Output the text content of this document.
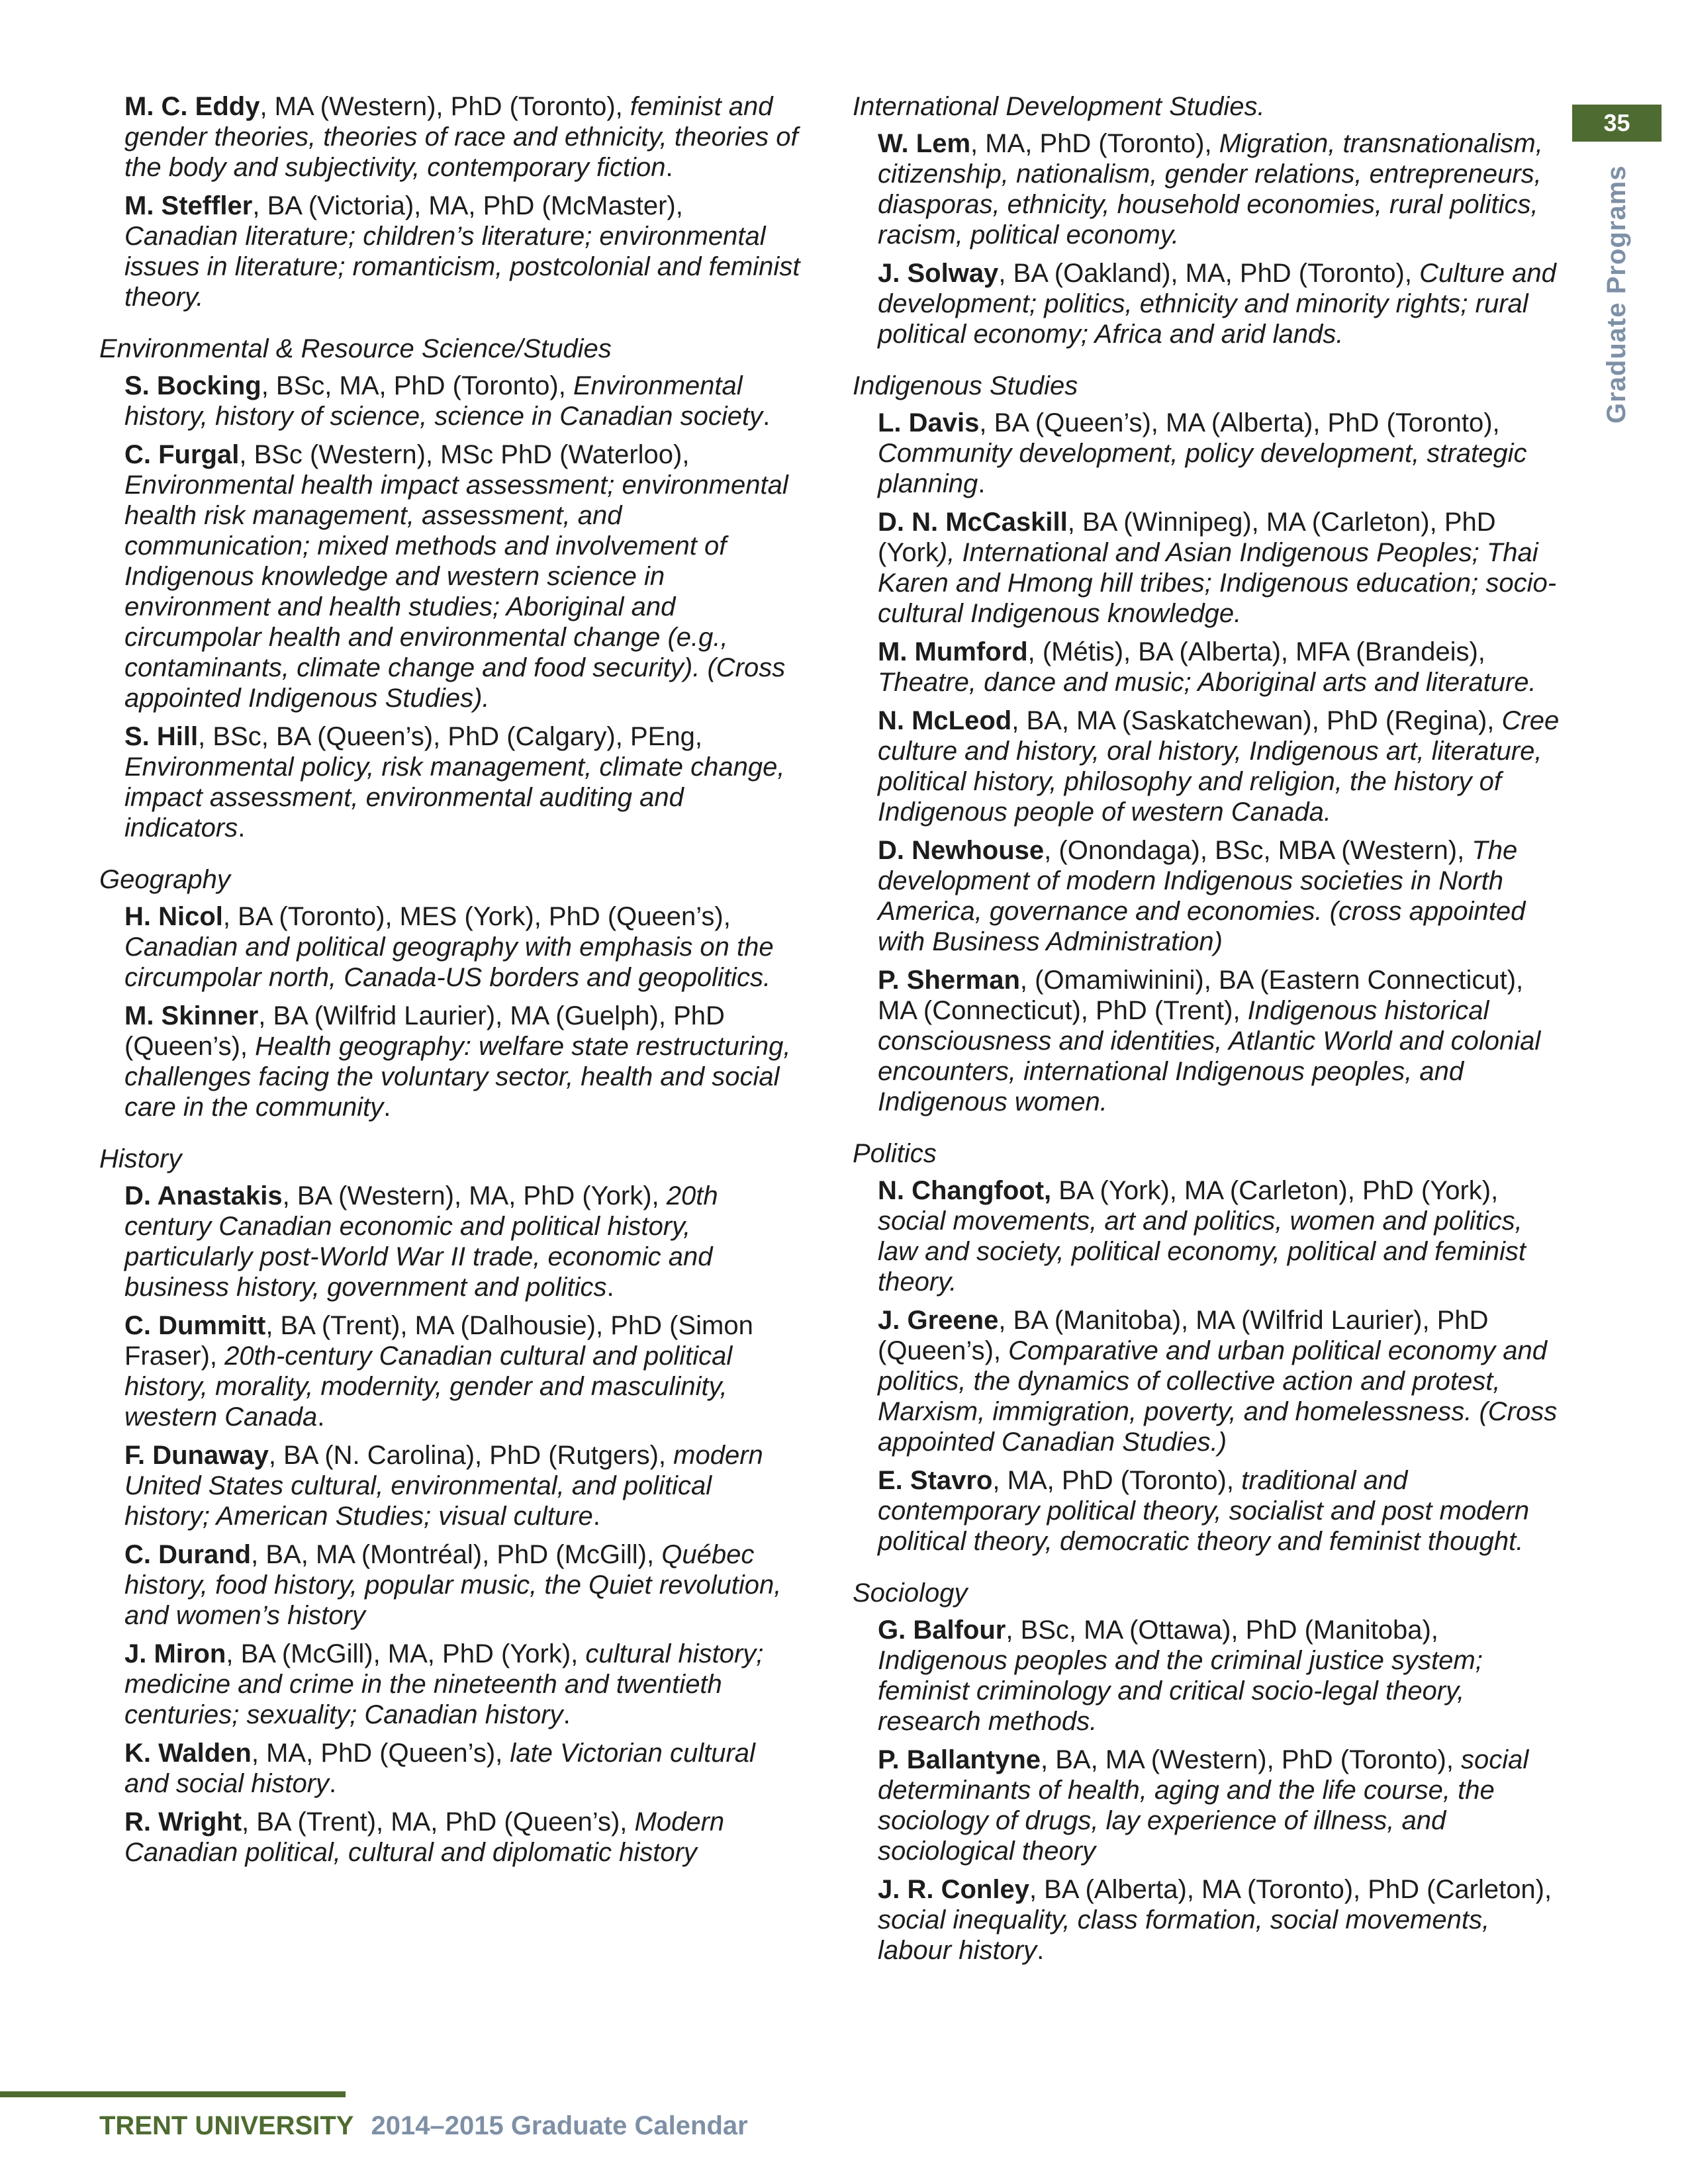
M. C. Eddy, MA (Western), PhD (Toronto), feminist and gender theories, theories of race and ethnicity, theories of the body and subjectivity, contemporary fiction.

M. Steffler, BA (Victoria), MA, PhD (McMaster), Canadian literature; children’s literature; environmental issues in literature; romanticism, postcolonial and feminist theory.

Environmental & Resource Science/Studies

S. Bocking, BSc, MA, PhD (Toronto), Environmental history, history of science, science in Canadian society.

C. Furgal, BSc (Western), MSc PhD (Waterloo), Environmental health impact assessment; environmental health risk management, assessment, and communication; mixed methods and involvement of Indigenous knowledge and western science in environment and health studies; Aboriginal and circumpolar health and environmental change (e.g., contaminants, climate change and food security). (Cross appointed Indigenous Studies).

S. Hill, BSc, BA (Queen’s), PhD (Calgary), PEng, Environmental policy, risk management, climate change, impact assessment, environmental auditing and indicators.

Geography

H. Nicol, BA (Toronto), MES (York), PhD (Queen’s), Canadian and political geography with emphasis on the circumpolar north, Canada-US borders and geopolitics.

M. Skinner, BA (Wilfrid Laurier), MA (Guelph), PhD (Queen’s), Health geography: welfare state restructuring, challenges facing the voluntary sector, health and social care in the community.

History

D. Anastakis, BA (Western), MA, PhD (York), 20th century Canadian economic and political history, particularly post-World War II trade, economic and business history, government and politics.

C. Dummitt, BA (Trent), MA (Dalhousie), PhD (Simon Fraser), 20th-century Canadian cultural and political history, morality, modernity, gender and masculinity, western Canada.

F. Dunaway, BA (N. Carolina), PhD (Rutgers), modern United States cultural, environmental, and political history; American Studies; visual culture.

C. Durand, BA, MA (Montréal), PhD (McGill), Québec history, food history, popular music, the Quiet revolution, and women’s history

J. Miron, BA (McGill), MA, PhD (York), cultural history; medicine and crime in the nineteenth and twentieth centuries; sexuality; Canadian history.

K. Walden, MA, PhD (Queen’s), late Victorian cultural and social history.

R. Wright, BA (Trent), MA, PhD (Queen’s), Modern Canadian political, cultural and diplomatic history

International Development Studies.

W. Lem, MA, PhD (Toronto), Migration, transnationalism, citizenship, nationalism, gender relations, entrepreneurs, diasporas, ethnicity, household economies, rural politics, racism, political economy.

J. Solway, BA (Oakland), MA, PhD (Toronto), Culture and development; politics, ethnicity and minority rights; rural political economy; Africa and arid lands.

Indigenous Studies

L. Davis, BA (Queen’s), MA (Alberta), PhD (Toronto), Community development, policy development, strategic planning.

D. N. McCaskill, BA (Winnipeg), MA (Carleton), PhD (York), International and Asian Indigenous Peoples; Thai Karen and Hmong hill tribes; Indigenous education; socio-cultural Indigenous knowledge.

M. Mumford, (Métis), BA (Alberta), MFA (Brandeis), Theatre, dance and music; Aboriginal arts and literature.

N. McLeod, BA, MA (Saskatchewan), PhD (Regina), Cree culture and history, oral history, Indigenous art, literature, political history, philosophy and religion, the history of Indigenous people of western Canada.

D. Newhouse, (Onondaga), BSc, MBA (Western), The development of modern Indigenous societies in North America, governance and economies. (cross appointed with Business Administration)

P. Sherman, (Omamiwinini), BA (Eastern Connecticut), MA (Connecticut), PhD (Trent), Indigenous historical consciousness and identities, Atlantic World and colonial encounters, international Indigenous peoples, and Indigenous women.

Politics

N. Changfoot, BA (York), MA (Carleton), PhD (York), social movements, art and politics, women and politics, law and society, political economy, political and feminist theory.

J. Greene, BA (Manitoba), MA (Wilfrid Laurier), PhD (Queen’s), Comparative and urban political economy and politics, the dynamics of collective action and protest, Marxism, immigration, poverty, and homelessness. (Cross appointed Canadian Studies.)

E. Stavro, MA, PhD (Toronto), traditional and contemporary political theory, socialist and post modern political theory, democratic theory and feminist thought.

Sociology

G. Balfour, BSc, MA (Ottawa), PhD (Manitoba), Indigenous peoples and the criminal justice system; feminist criminology and critical socio-legal theory, research methods.

P. Ballantyne, BA, MA (Western), PhD (Toronto), social determinants of health, aging and the life course, the sociology of drugs, lay experience of illness, and sociological theory

J. R. Conley, BA (Alberta), MA (Toronto), PhD (Carleton), social inequality, class formation, social movements, labour history.

35
Graduate Programs
TRENT UNIVERSITY 2014–2015 Graduate Calendar
